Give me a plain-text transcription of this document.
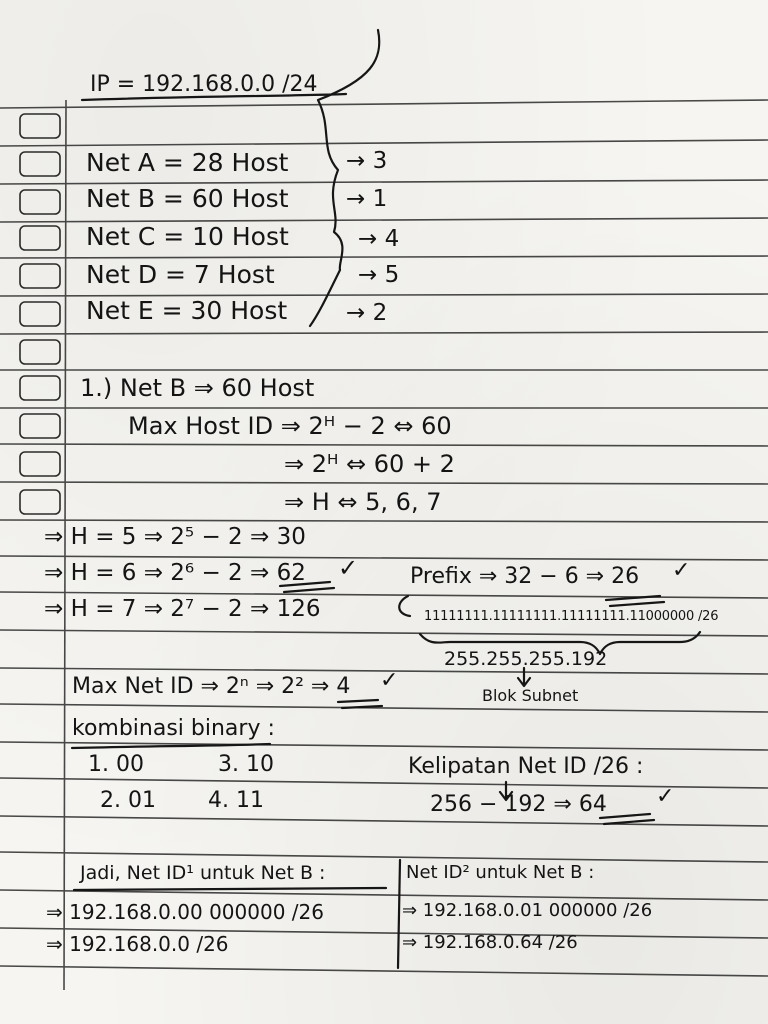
IP = 192.168.0.0 /24
Net A = 28 Host	→ 3
Net B = 60 Host → 1
Net C = 10 Host	→ 4
Net D = 7 Host	→ 5
Net E = 30 Host	→ 2
1.) Net B ⇒ 60 Host
Max Host ID ⇒ 2ᴴ − 2 ⇔ 60
⇒ 2ᴴ ⇔ 60 + 2
⇒ H ⇔ 5, 6, 7
⇒ H = 5 ⇒ 2⁵ − 2 ⇒ 30
⇒ H = 6 ⇒ 2⁶ − 2 ⇒ 62 ✓
⇒ H = 7 ⇒ 2⁷ − 2 ⇒ 126
Prefix ⇒ 32 − 6 ⇒ 26 ✓
11111111.11111111.11111111.11000000 /26
255.255.255.192
Blok Subnet
Max Net ID ⇒ 2ⁿ ⇒ 2² ⇒ 4 ✓
kombinasi binary :
1. 00	3. 10
2. 01 4. 11
Kelipatan Net ID /26 :
256 − 192 ⇒ 64 ✓
Jadi, Net ID¹ untuk Net B :
⇒ 192.168.0.00 000000 /26
⇒ 192.168.0.0 /26
Net ID² untuk Net B :
⇒ 192.168.0.01 000000 /26
⇒ 192.168.0.64 /26
